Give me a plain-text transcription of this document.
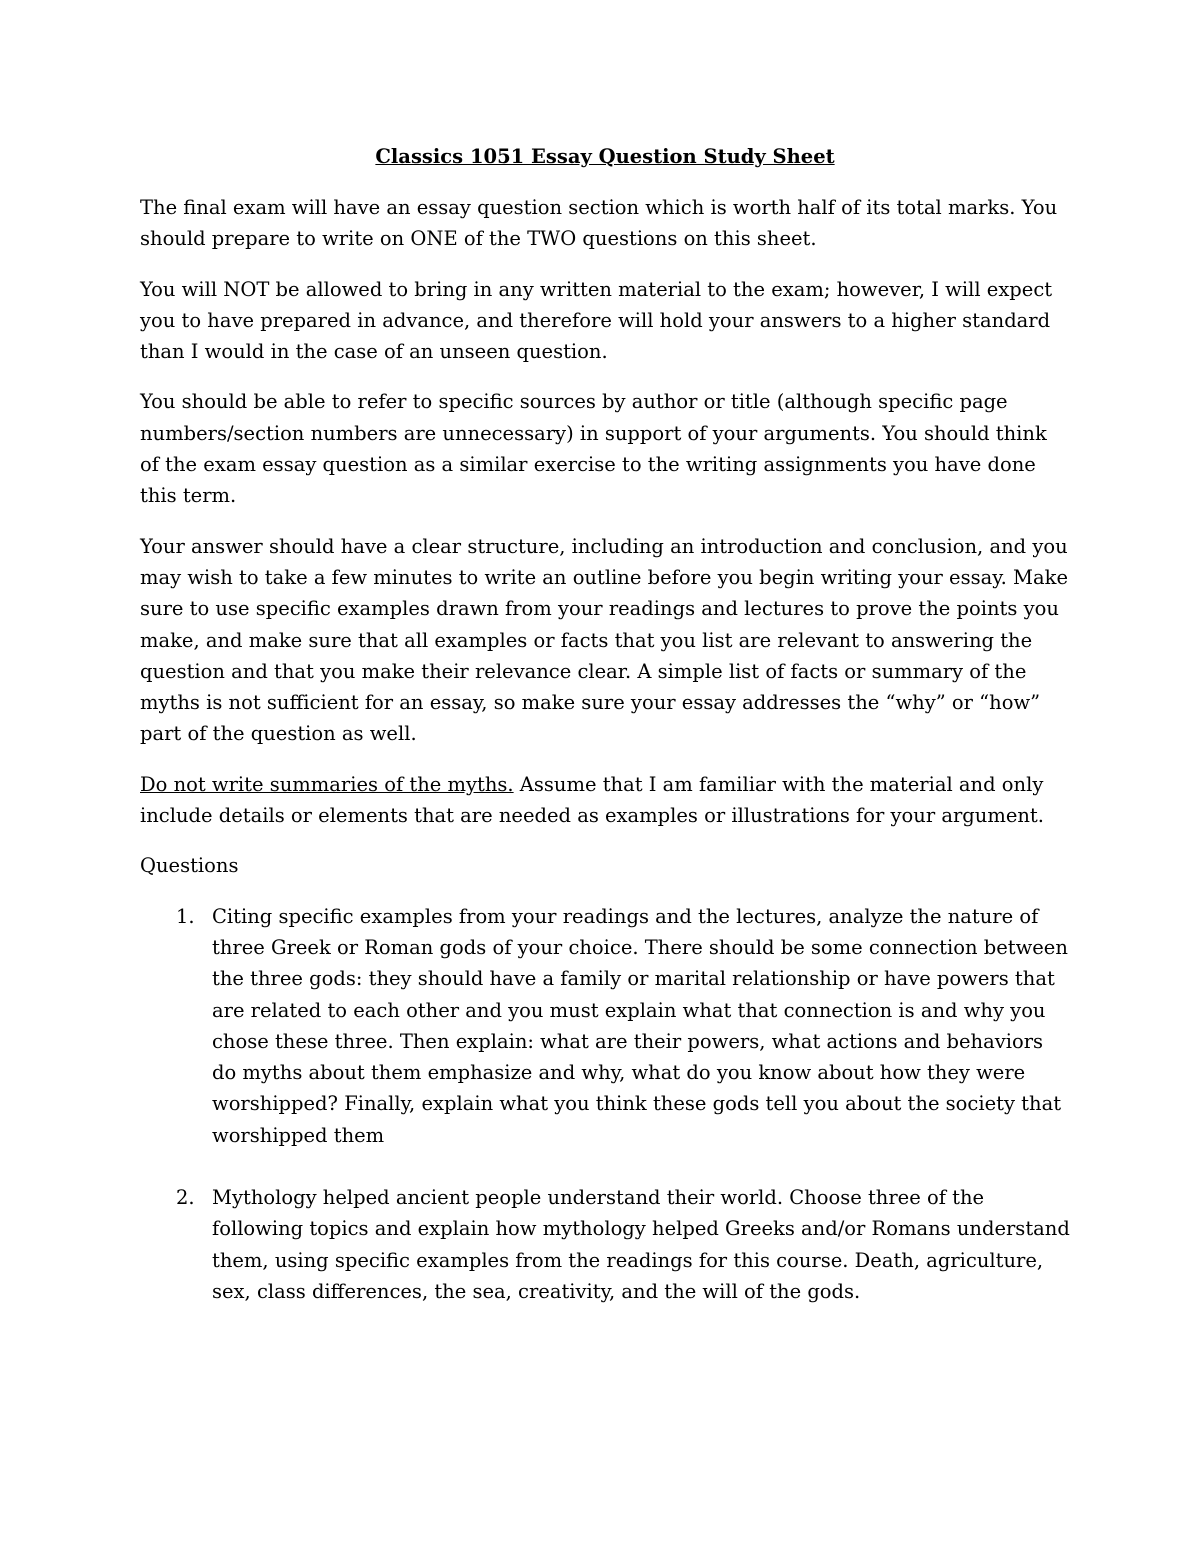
Classics 1051 Essay Question Study Sheet

The final exam will have an essay question section which is worth half of its total marks. You should prepare to write on ONE of the TWO questions on this sheet.

You will NOT be allowed to bring in any written material to the exam; however, I will expect you to have prepared in advance, and therefore will hold your answers to a higher standard than I would in the case of an unseen question.

You should be able to refer to specific sources by author or title (although specific page numbers/section numbers are unnecessary) in support of your arguments. You should think of the exam essay question as a similar exercise to the writing assignments you have done this term.

Your answer should have a clear structure, including an introduction and conclusion, and you may wish to take a few minutes to write an outline before you begin writing your essay. Make sure to use specific examples drawn from your readings and lectures to prove the points you make, and make sure that all examples or facts that you list are relevant to answering the question and that you make their relevance clear. A simple list of facts or summary of the myths is not sufficient for an essay, so make sure your essay addresses the “why” or “how” part of the question as well.

Do not write summaries of the myths. Assume that I am familiar with the material and only include details or elements that are needed as examples or illustrations for your argument.

Questions

1. Citing specific examples from your readings and the lectures, analyze the nature of three Greek or Roman gods of your choice. There should be some connection between the three gods: they should have a family or marital relationship or have powers that are related to each other and you must explain what that connection is and why you chose these three. Then explain: what are their powers, what actions and behaviors do myths about them emphasize and why, what do you know about how they were worshipped? Finally, explain what you think these gods tell you about the society that worshipped them
2. Mythology helped ancient people understand their world. Choose three of the following topics and explain how mythology helped Greeks and/or Romans understand them, using specific examples from the readings for this course. Death, agriculture, sex, class differences, the sea, creativity, and the will of the gods.
